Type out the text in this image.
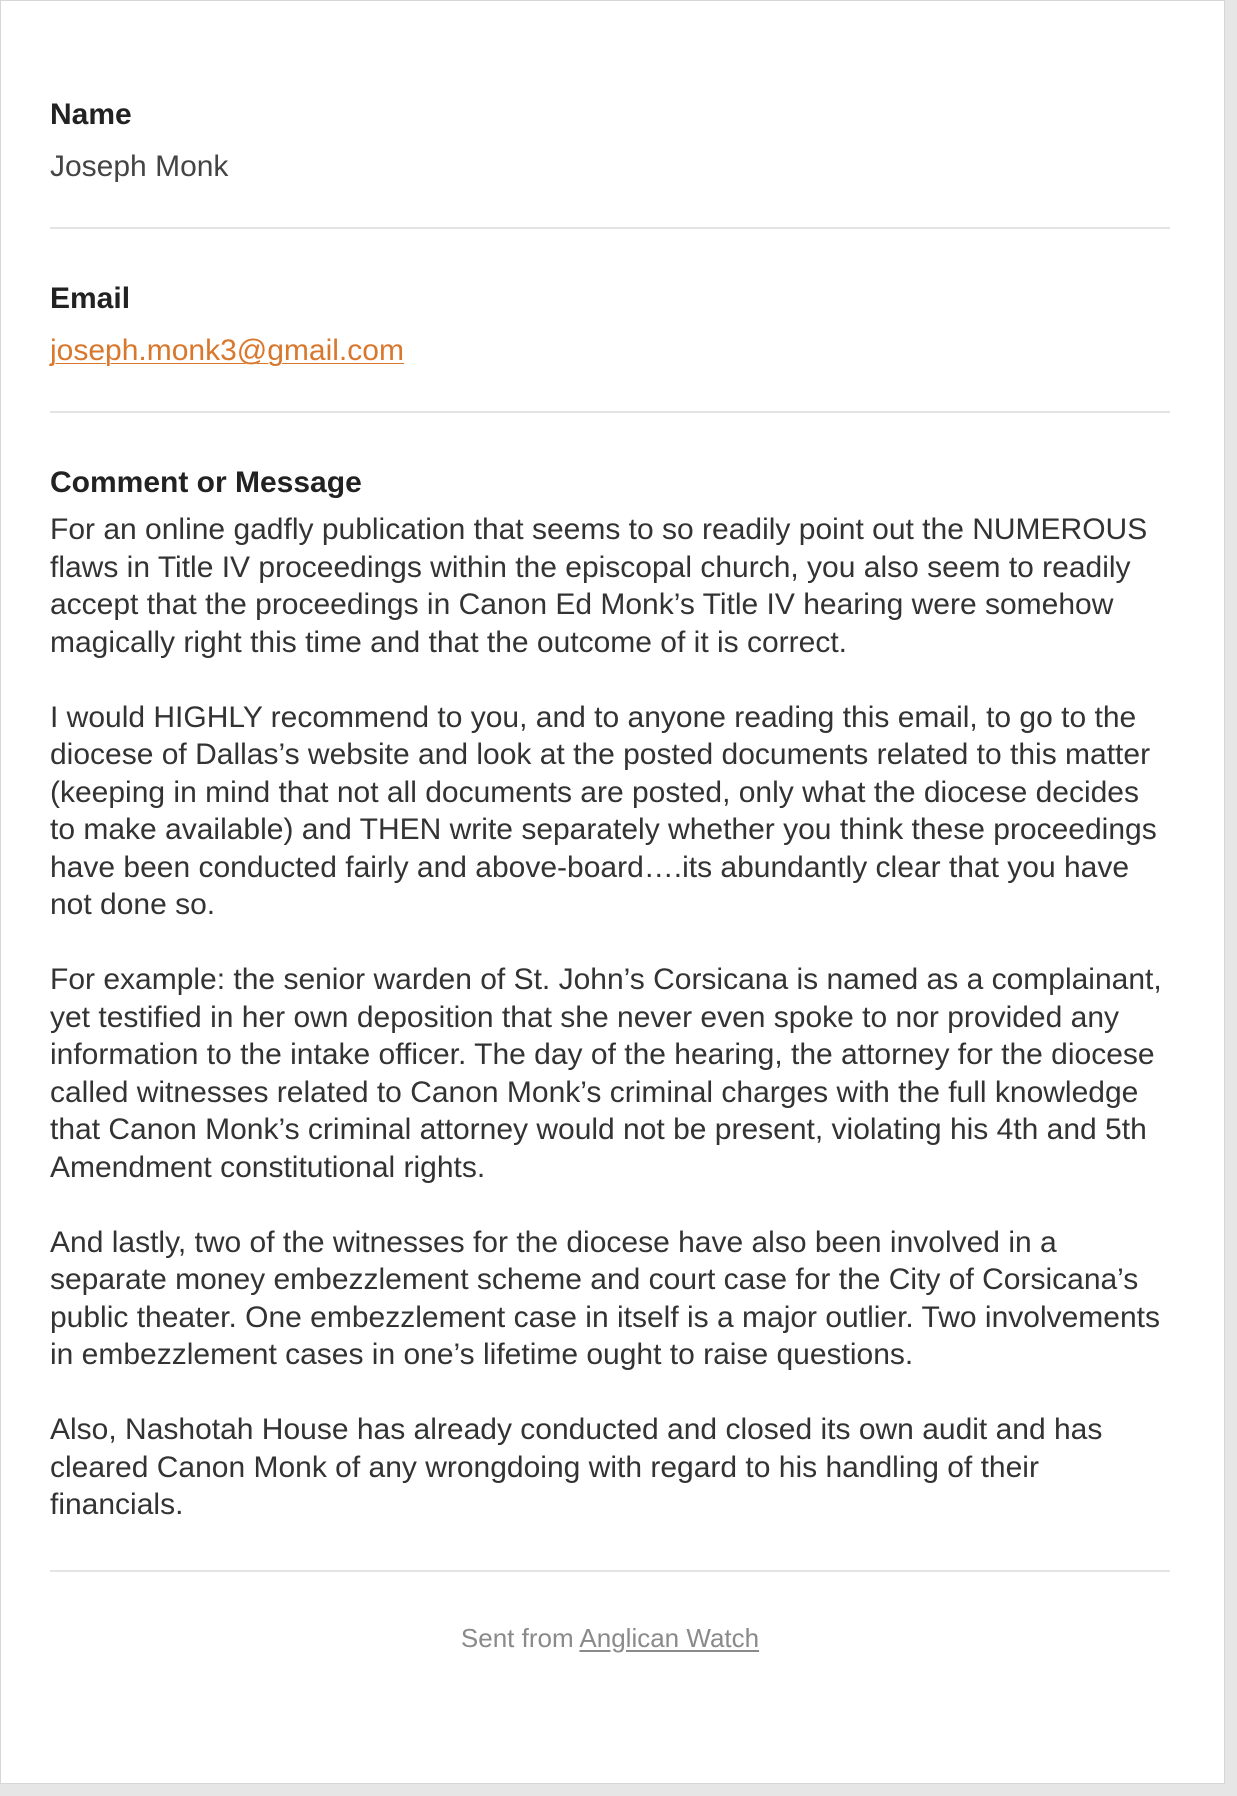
Name
Joseph Monk
Email
joseph.monk3@gmail.com
Comment or Message

For an online gadfly publication that seems to so readily point out the NUMEROUS flaws in Title IV proceedings within the episcopal church, you also seem to readily accept that the proceedings in Canon Ed Monk’s Title IV hearing were somehow magically right this time and that the outcome of it is correct.

I would HIGHLY recommend to you, and to anyone reading this email, to go to the diocese of Dallas’s website and look at the posted documents related to this matter (keeping in mind that not all documents are posted, only what the diocese decides to make available) and THEN write separately whether you think these proceedings have been conducted fairly and above-board….its abundantly clear that you have not done so.

For example: the senior warden of St. John’s Corsicana is named as a complainant, yet testified in her own deposition that she never even spoke to nor provided any information to the intake officer. The day of the hearing, the attorney for the diocese called witnesses related to Canon Monk’s criminal charges with the full knowledge that Canon Monk’s criminal attorney would not be present, violating his 4th and 5th Amendment constitutional rights.

And lastly, two of the witnesses for the diocese have also been involved in a separate money embezzlement scheme and court case for the City of Corsicana’s public theater. One embezzlement case in itself is a major outlier. Two involvements in embezzlement cases in one’s lifetime ought to raise questions.

Also, Nashotah House has already conducted and closed its own audit and has cleared Canon Monk of any wrongdoing with regard to his handling of their financials.

Sent from Anglican Watch
